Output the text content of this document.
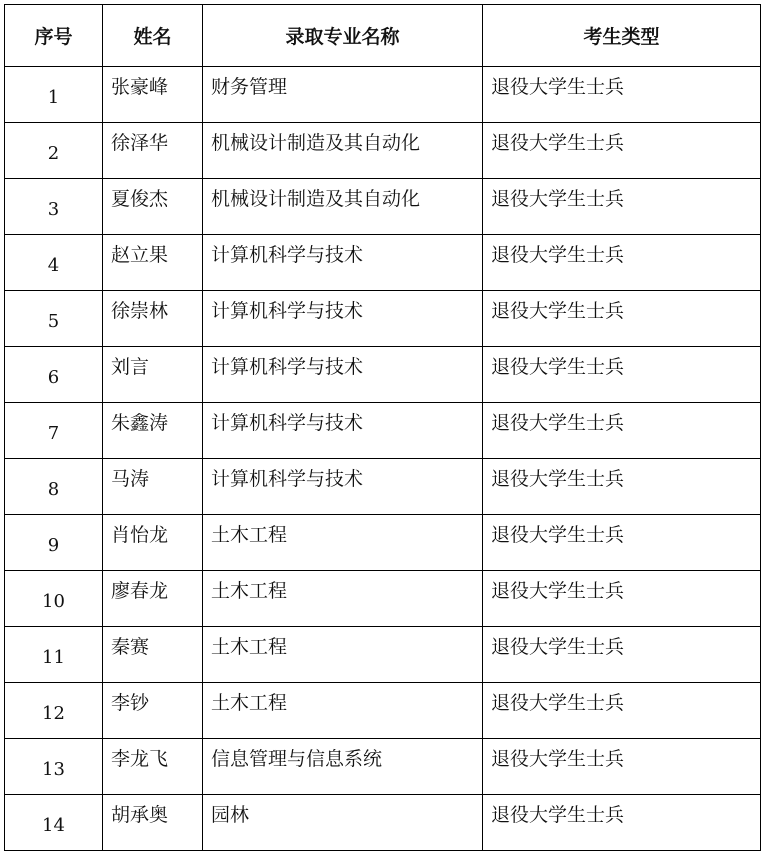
序号	姓名	录取专业名称	考生类型
1	张豪峰	财务管理	退役大学生士兵
2	徐泽华	机械设计制造及其自动化	退役大学生士兵
3	夏俊杰	机械设计制造及其自动化	退役大学生士兵
4	赵立果	计算机科学与技术	退役大学生士兵
5	徐崇林	计算机科学与技术	退役大学生士兵
6	刘言	计算机科学与技术	退役大学生士兵
7	朱鑫涛	计算机科学与技术	退役大学生士兵
8	马涛	计算机科学与技术	退役大学生士兵
9	肖怡龙	土木工程	退役大学生士兵
10	廖春龙	土木工程	退役大学生士兵
11	秦赛	土木工程	退役大学生士兵
12	李钞	土木工程	退役大学生士兵
13	李龙飞	信息管理与信息系统	退役大学生士兵
14	胡承奥	园林	退役大学生士兵
